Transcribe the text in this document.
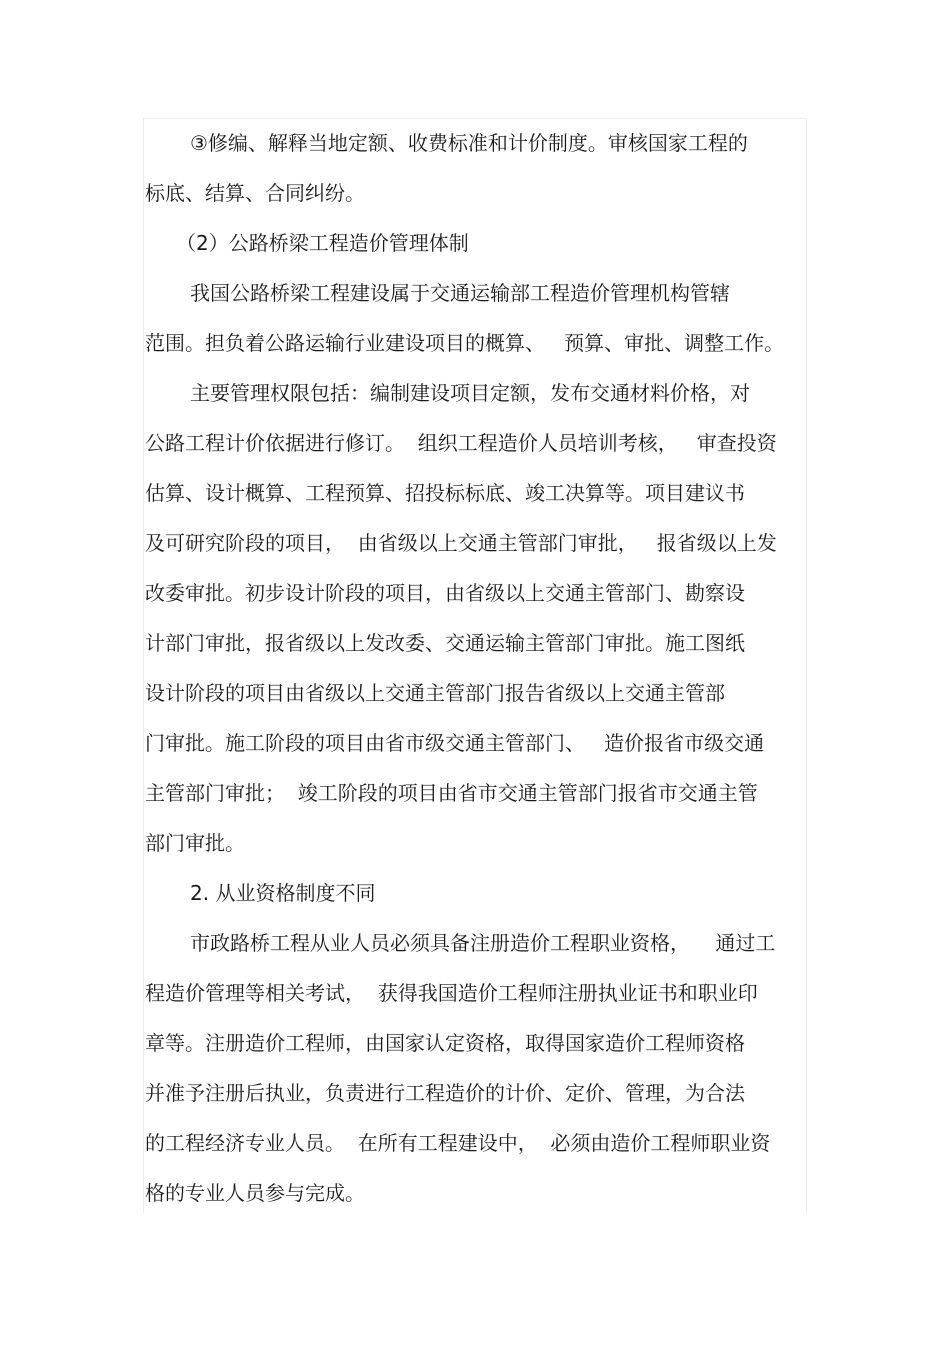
③修编、解释当地定额、收费标准和计价制度。审核国家工程的
标底、结算、合同纠纷。
（2）公路桥梁工程造价管理体制
我国公路桥梁工程建设属于交通运输部工程造价管理机构管辖
范围。担负着公路运输行业建设项目的概算、   预算、审批、调整工作。
主要管理权限包括：编制建设项目定额，发布交通材料价格，对
公路工程计价依据进行修订。  组织工程造价人员培训考核，   审查投资
估算、设计概算、工程预算、招投标标底、竣工决算等。项目建议书
及可研究阶段的项目，  由省级以上交通主管部门审批，   报省级以上发
改委审批。初步设计阶段的项目，由省级以上交通主管部门、勘察设
计部门审批，报省级以上发改委、交通运输主管部门审批。施工图纸
设计阶段的项目由省级以上交通主管部门报告省级以上交通主管部
门审批。施工阶段的项目由省市级交通主管部门、   造价报省市级交通
主管部门审批；  竣工阶段的项目由省市交通主管部门报省市交通主管
部门审批。
2. 从业资格制度不同
市政路桥工程从业人员必须具备注册造价工程职业资格，    通过工
程造价管理等相关考试，  获得我国造价工程师注册执业证书和职业印
章等。注册造价工程师，由国家认定资格，取得国家造价工程师资格
并准予注册后执业，负责进行工程造价的计价、定价、管理，为合法
的工程经济专业人员。  在所有工程建设中，  必须由造价工程师职业资
格的专业人员参与完成。
